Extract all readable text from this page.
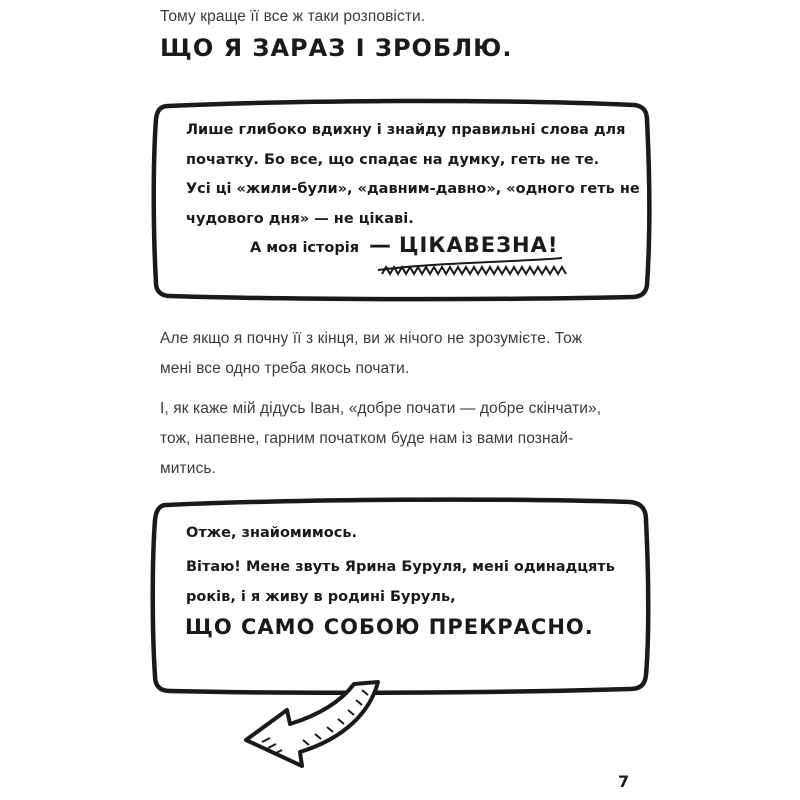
Тому краще її все ж таки розповісти.
ЩО Я ЗАРАЗ І ЗРОБЛЮ.
Лише глибоко вдихну і знайду правильні слова для
початку. Бо все, що спадає на думку, геть не те.
Усі ці «жили-були», «давним-давно», «одного геть не
чудового дня» — не цікаві.
А моя історія — ЦІКАВЕЗНА!
Але якщо я почну її з кінця, ви ж нічого не зрозумієте. Тож
мені все одно треба якось почати.
І, як каже мій дідусь Іван, «добре почати — добре скінчати»,
тож, напевне, гарним початком буде нам із вами познай-
митись.
Отже, знайомимось.
Вітаю! Мене звуть Ярина Буруля, мені одинадцять
років, і я живу в родині Буруль,
ЩО САМО СОБОЮ ПРЕКРАСНО.
7
